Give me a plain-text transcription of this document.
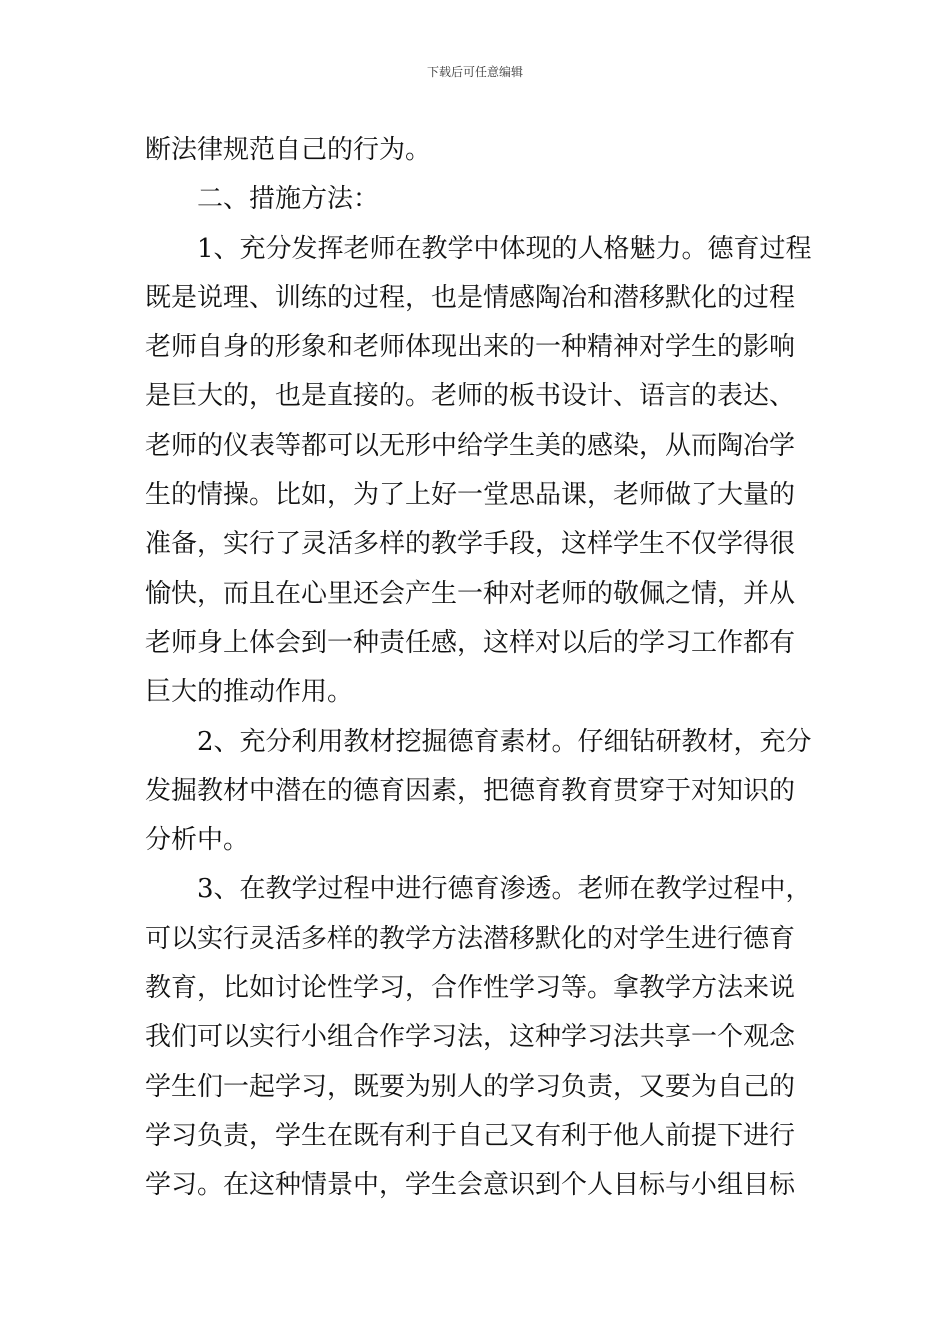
下载后可任意编辑
断法律规范自己的行为。
二、措施方法：
1、充分发挥老师在教学中体现的人格魅力。德育过程
既是说理、训练的过程，也是情感陶冶和潜移默化的过程
老师自身的形象和老师体现出来的一种精神对学生的影响
是巨大的，也是直接的。老师的板书设计、语言的表达、
老师的仪表等都可以无形中给学生美的感染，从而陶冶学
生的情操。比如，为了上好一堂思品课，老师做了大量的
准备，实行了灵活多样的教学手段，这样学生不仅学得很
愉快，而且在心里还会产生一种对老师的敬佩之情，并从
老师身上体会到一种责任感，这样对以后的学习工作都有
巨大的推动作用。
2、充分利用教材挖掘德育素材。仔细钻研教材，充分
发掘教材中潜在的德育因素，把德育教育贯穿于对知识的
分析中。
3、在教学过程中进行德育渗透。老师在教学过程中，
可以实行灵活多样的教学方法潜移默化的对学生进行德育
教育，比如讨论性学习，合作性学习等。拿教学方法来说
我们可以实行小组合作学习法，这种学习法共享一个观念
学生们一起学习，既要为别人的学习负责，又要为自己的
学习负责，学生在既有利于自己又有利于他人前提下进行
学习。在这种情景中，学生会意识到个人目标与小组目标
